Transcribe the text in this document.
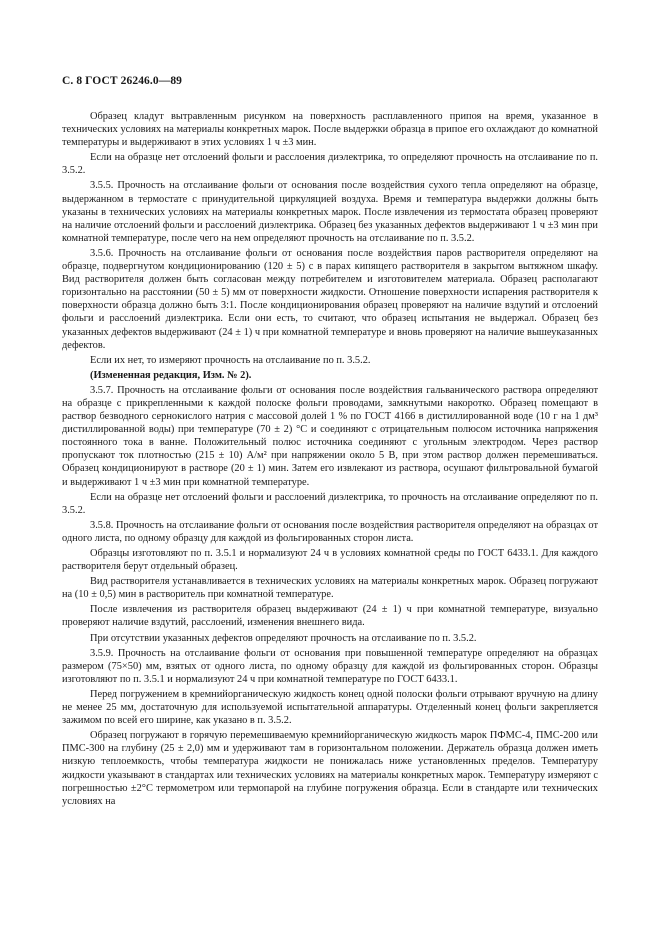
С. 8 ГОСТ 26246.0—89

Образец кладут вытравленным рисунком на поверхность расплавленного припоя на время, указанное в технических условиях на материалы конкретных марок. После выдержки образца в припое его охлаждают до комнатной температуры и выдерживают в этих условиях 1 ч ±3 мин.

Если на образце нет отслоений фольги и расслоения диэлектрика, то определяют прочность на отслаивание по п. 3.5.2.

3.5.5. Прочность на отслаивание фольги от основания после воздействия сухого тепла определяют на образце, выдержанном в термостате с принудительной циркуляцией воздуха. Время и температура выдержки должны быть указаны в технических условиях на материалы конкретных марок. После извлечения из термостата образец проверяют на наличие отслоений фольги и расслоений диэлектрика. Образец без указанных дефектов выдерживают 1 ч ±3 мин при комнатной температуре, после чего на нем определяют прочность на отслаивание по п. 3.5.2.

3.5.6. Прочность на отслаивание фольги от основания после воздействия паров растворителя определяют на образце, подвергнутом кондиционированию (120 ± 5) с в парах кипящего растворителя в закрытом вытяжном шкафу. Вид растворителя должен быть согласован между потребителем и изготовителем материала. Образец располагают горизонтально на расстоянии (50 ± 5) мм от поверхности жидкости. Отношение поверхности испарения растворителя к поверхности образца должно быть 3:1. После кондиционирования образец проверяют на наличие вздутий и отслоений фольги и расслоений диэлектрика. Если они есть, то считают, что образец испытания не выдержал. Образец без указанных дефектов выдерживают (24 ± 1) ч при комнатной температуре и вновь проверяют на наличие вышеуказанных дефектов.

Если их нет, то измеряют прочность на отслаивание по п. 3.5.2.

(Измененная редакция, Изм. № 2).

3.5.7. Прочность на отслаивание фольги от основания после воздействия гальванического раствора определяют на образце с прикрепленными к каждой полоске фольги проводами, замкнутыми накоротко. Образец помещают в раствор безводного сернокислого натрия с массовой долей 1 % по ГОСТ 4166 в дистиллированной воде (10 г на 1 дм³ дистиллированной воды) при температуре (70 ± 2) °С и соединяют с отрицательным полюсом источника напряжения постоянного тока в ванне. Положительный полюс источника соединяют с угольным электродом. Через раствор пропускают ток плотностью (215 ± 10) А/м² при напряжении около 5 В, при этом раствор должен перемешиваться. Образец кондиционируют в растворе (20 ± 1) мин. Затем его извлекают из раствора, осушают фильтровальной бумагой и выдерживают 1 ч ±3 мин при комнатной температуре.

Если на образце нет отслоений фольги и расслоений диэлектрика, то прочность на отслаивание определяют по п. 3.5.2.

3.5.8. Прочность на отслаивание фольги от основания после воздействия растворителя определяют на образцах от одного листа, по одному образцу для каждой из фольгированных сторон листа.

Образцы изготовляют по п. 3.5.1 и нормализуют 24 ч в условиях комнатной среды по ГОСТ 6433.1. Для каждого растворителя берут отдельный образец.

Вид растворителя устанавливается в технических условиях на материалы конкретных марок. Образец погружают на (10 ± 0,5) мин в растворитель при комнатной температуре.

После извлечения из растворителя образец выдерживают (24 ± 1) ч при комнатной температуре, визуально проверяют наличие вздутий, расслоений, изменения внешнего вида.

При отсутствии указанных дефектов определяют прочность на отслаивание по п. 3.5.2.

3.5.9. Прочность на отслаивание фольги от основания при повышенной температуре определяют на образцах размером (75×50) мм, взятых от одного листа, по одному образцу для каждой из фольгированных сторон. Образцы изготовляют по п. 3.5.1 и нормализуют 24 ч при комнатной температуре по ГОСТ 6433.1.

Перед погружением в кремнийорганическую жидкость конец одной полоски фольги отрывают вручную на длину не менее 25 мм, достаточную для используемой испытательной аппаратуры. Отделенный конец фольги закрепляется зажимом по всей его ширине, как указано в п. 3.5.2.

Образец погружают в горячую перемешиваемую кремнийорганическую жидкость марок ПФМС-4, ПМС-200 или ПМС-300 на глубину (25 ± 2,0) мм и удерживают там в горизонтальном положении. Держатель образца должен иметь низкую теплоемкость, чтобы температура жидкости не понижалась ниже установленных пределов. Температуру жидкости указывают в стандартах или технических условиях на материалы конкретных марок. Температуру измеряют с погрешностью ±2°С термометром или термопарой на глубине погружения образца. Если в стандарте или технических условиях на
